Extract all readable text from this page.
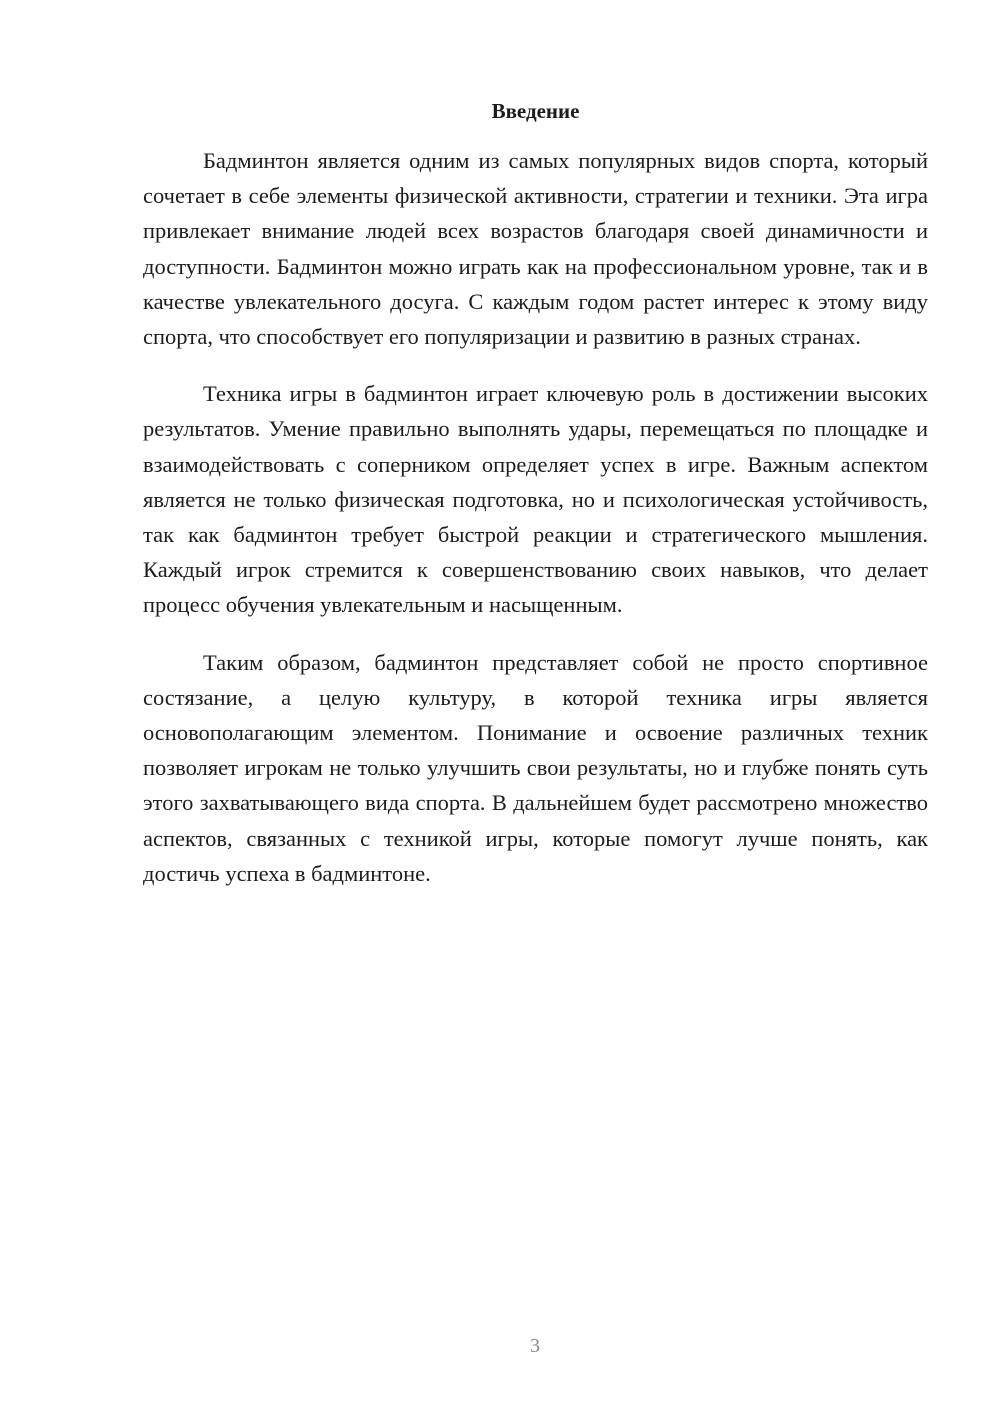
Введение

Бадминтон является одним из самых популярных видов спорта, который сочетает в себе элементы физической активности, стратегии и техники. Эта игра привлекает внимание людей всех возрастов благодаря своей динамичности и доступности. Бадминтон можно играть как на профессиональном уровне, так и в качестве увлекательного досуга. С каждым годом растет интерес к этому виду спорта, что способствует его популяризации и развитию в разных странах.

Техника игры в бадминтон играет ключевую роль в достижении высоких результатов. Умение правильно выполнять удары, перемещаться по площадке и взаимодействовать с соперником определяет успех в игре. Важным аспектом является не только физическая подготовка, но и психологическая устойчивость, так как бадминтон требует быстрой реакции и стратегического мышления. Каждый игрок стремится к совершенствованию своих навыков, что делает процесс обучения увлекательным и насыщенным.

Таким образом, бадминтон представляет собой не просто спортивное состязание, а целую культуру, в которой техника игры является основополагающим элементом. Понимание и освоение различных техник позволяет игрокам не только улучшить свои результаты, но и глубже понять суть этого захватывающего вида спорта. В дальнейшем будет рассмотрено множество аспектов, связанных с техникой игры, которые помогут лучше понять, как достичь успеха в бадминтоне.

3
